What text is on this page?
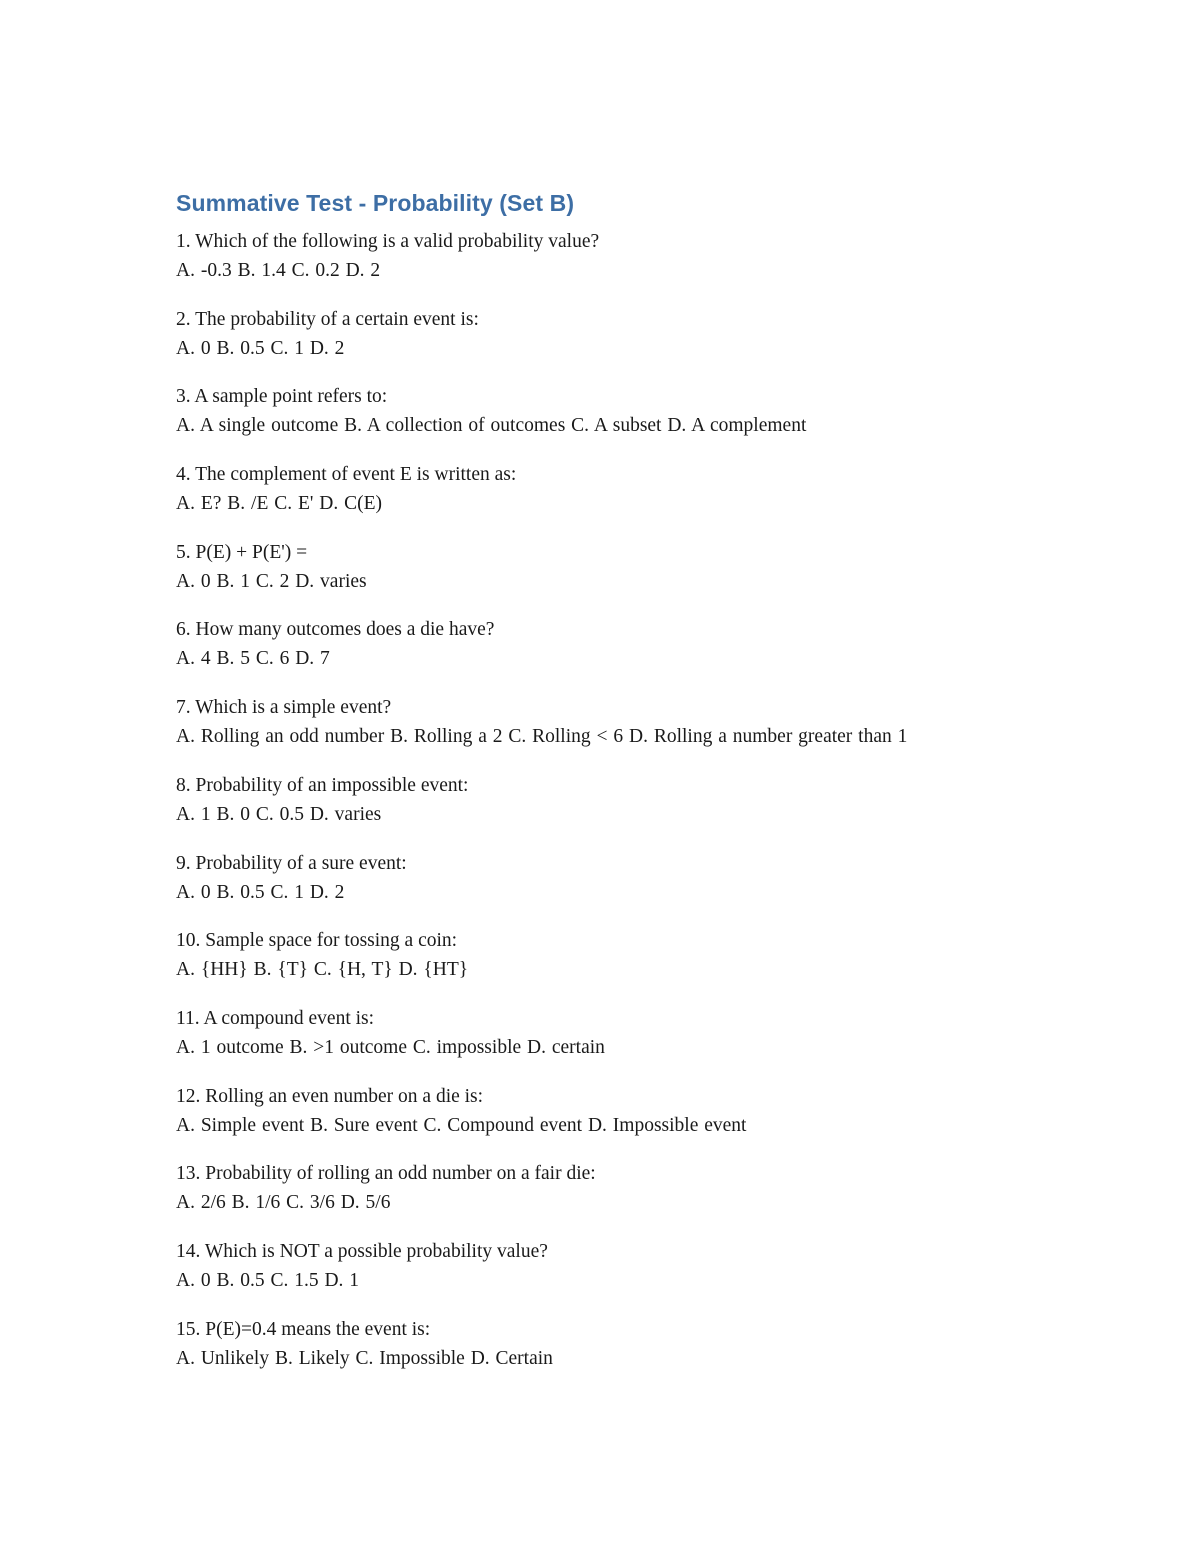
Summative Test - Probability (Set B)
1. Which of the following is a valid probability value?
A. -0.3 B. 1.4 C. 0.2 D. 2
2. The probability of a certain event is:
A. 0 B. 0.5 C. 1 D. 2
3. A sample point refers to:
A. A single outcome B. A collection of outcomes C. A subset D. A complement
4. The complement of event E is written as:
A. E? B. /E C. E' D. C(E)
5. P(E) + P(E') =
A. 0 B. 1 C. 2 D. varies
6. How many outcomes does a die have?
A. 4 B. 5 C. 6 D. 7
7. Which is a simple event?
A. Rolling an odd number B. Rolling a 2 C. Rolling < 6 D. Rolling a number greater than 1
8. Probability of an impossible event:
A. 1 B. 0 C. 0.5 D. varies
9. Probability of a sure event:
A. 0 B. 0.5 C. 1 D. 2
10. Sample space for tossing a coin:
A. {HH} B. {T} C. {H, T} D. {HT}
11. A compound event is:
A. 1 outcome B. >1 outcome C. impossible D. certain
12. Rolling an even number on a die is:
A. Simple event B. Sure event C. Compound event D. Impossible event
13. Probability of rolling an odd number on a fair die:
A. 2/6 B. 1/6 C. 3/6 D. 5/6
14. Which is NOT a possible probability value?
A. 0 B. 0.5 C. 1.5 D. 1
15. P(E)=0.4 means the event is:
A. Unlikely B. Likely C. Impossible D. Certain
